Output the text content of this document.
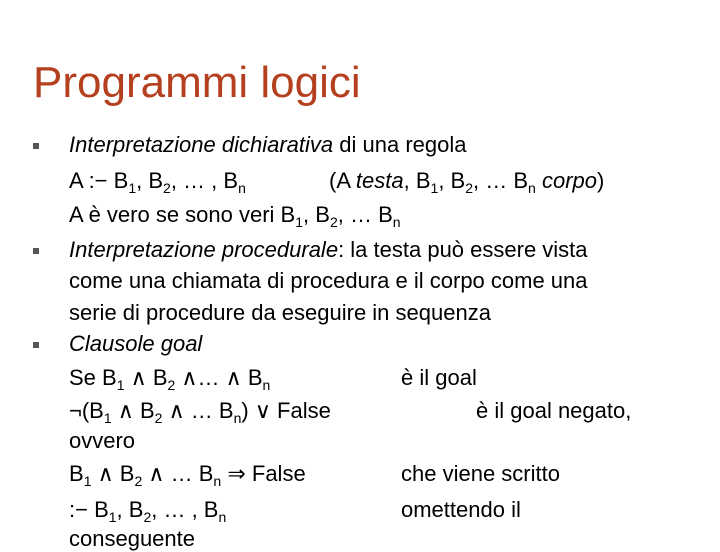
Programmi logici
Interpretazione dichiarativa di una regola
A :− $B_1$, $B_2$, … , $B_n$	(A testa, $B_1$, $B_2$, … $B_n$ corpo)
A è vero se sono veri $B_1$, $B_2$, … $B_n$
Interpretazione procedurale: la testa può essere vista
come una chiamata di procedura e il corpo come una
serie di procedure da eseguire in sequenza
Clausole goal
Se $B_1$ ∧ $B_2$ ∧… ∧ $B_n$	è il goal
$\neg(B_1$ ∧ $B_2$ ∧ … $B_n$) ∨ False	è il goal negato,
ovvero
$B_1$ ∧ $B_2$ ∧ … $B_n$ ⇒ False	che viene scritto
:− $B_1$, $B_2$, … , $B_n$	omettendo il
conseguente
